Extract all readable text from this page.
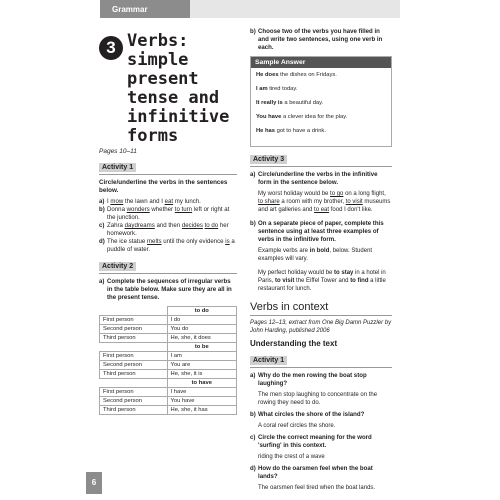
Grammar
3 Verbs:
simple
present
tense and
infinitive
forms
Pages 10–11
Activity 1
Circle/underline the verbs in the sentences below.
a) I mow the lawn and I eat my lunch.
b) Donna wonders whether to turn left or right at the junction.
c) Zahra daydreams and then decides to do her homework.
d) The ice statue melts until the only evidence is a puddle of water.
Activity 2
a) Complete the sequences of irregular verbs in the table below. Make sure they are all in the present tense.
	to do
First person	I do
Second person	You do
Third person	He, she, it does
	to be
First person	I am
Second person	You are
Third person	He, she, it is
	to have
First person	I have
Second person	You have
Third person	He, she, it has
b) Choose two of the verbs you have filled in and write two sentences, using one verb in each.
Sample Answer

He does the dishes on Fridays.

I am tired today.

It really is a beautiful day.

You have a clever idea for the play.

He has got to have a drink.

Activity 3
a) Circle/underline the verbs in the infinitive form in the sentence below.
My worst holiday would be to go on a long flight, to share a room with my brother, to visit museums and art galleries and to eat food I don't like.
b) On a separate piece of paper, complete this sentence using at least three examples of verbs in the infinitive form.
Example verbs are in bold, below. Student examples will vary.
My perfect holiday would be to stay in a hotel in Paris, to visit the Eiffel Tower and to find a little restaurant for lunch.
Verbs in context
Pages 12–13, extract from One Big Damn Puzzler by John Harding, published 2006
Understanding the text
Activity 1
a) Why do the men rowing the boat stop laughing?
The men stop laughing to concentrate on the rowing they need to do.
b) What circles the shore of the island?
A coral reef circles the shore.
c) Circle the correct meaning for the word 'surfing' in this context.
riding the crest of a wave
d) How do the oarsmen feel when the boat lands?
The oarsmen feel tired when the boat lands.
6
